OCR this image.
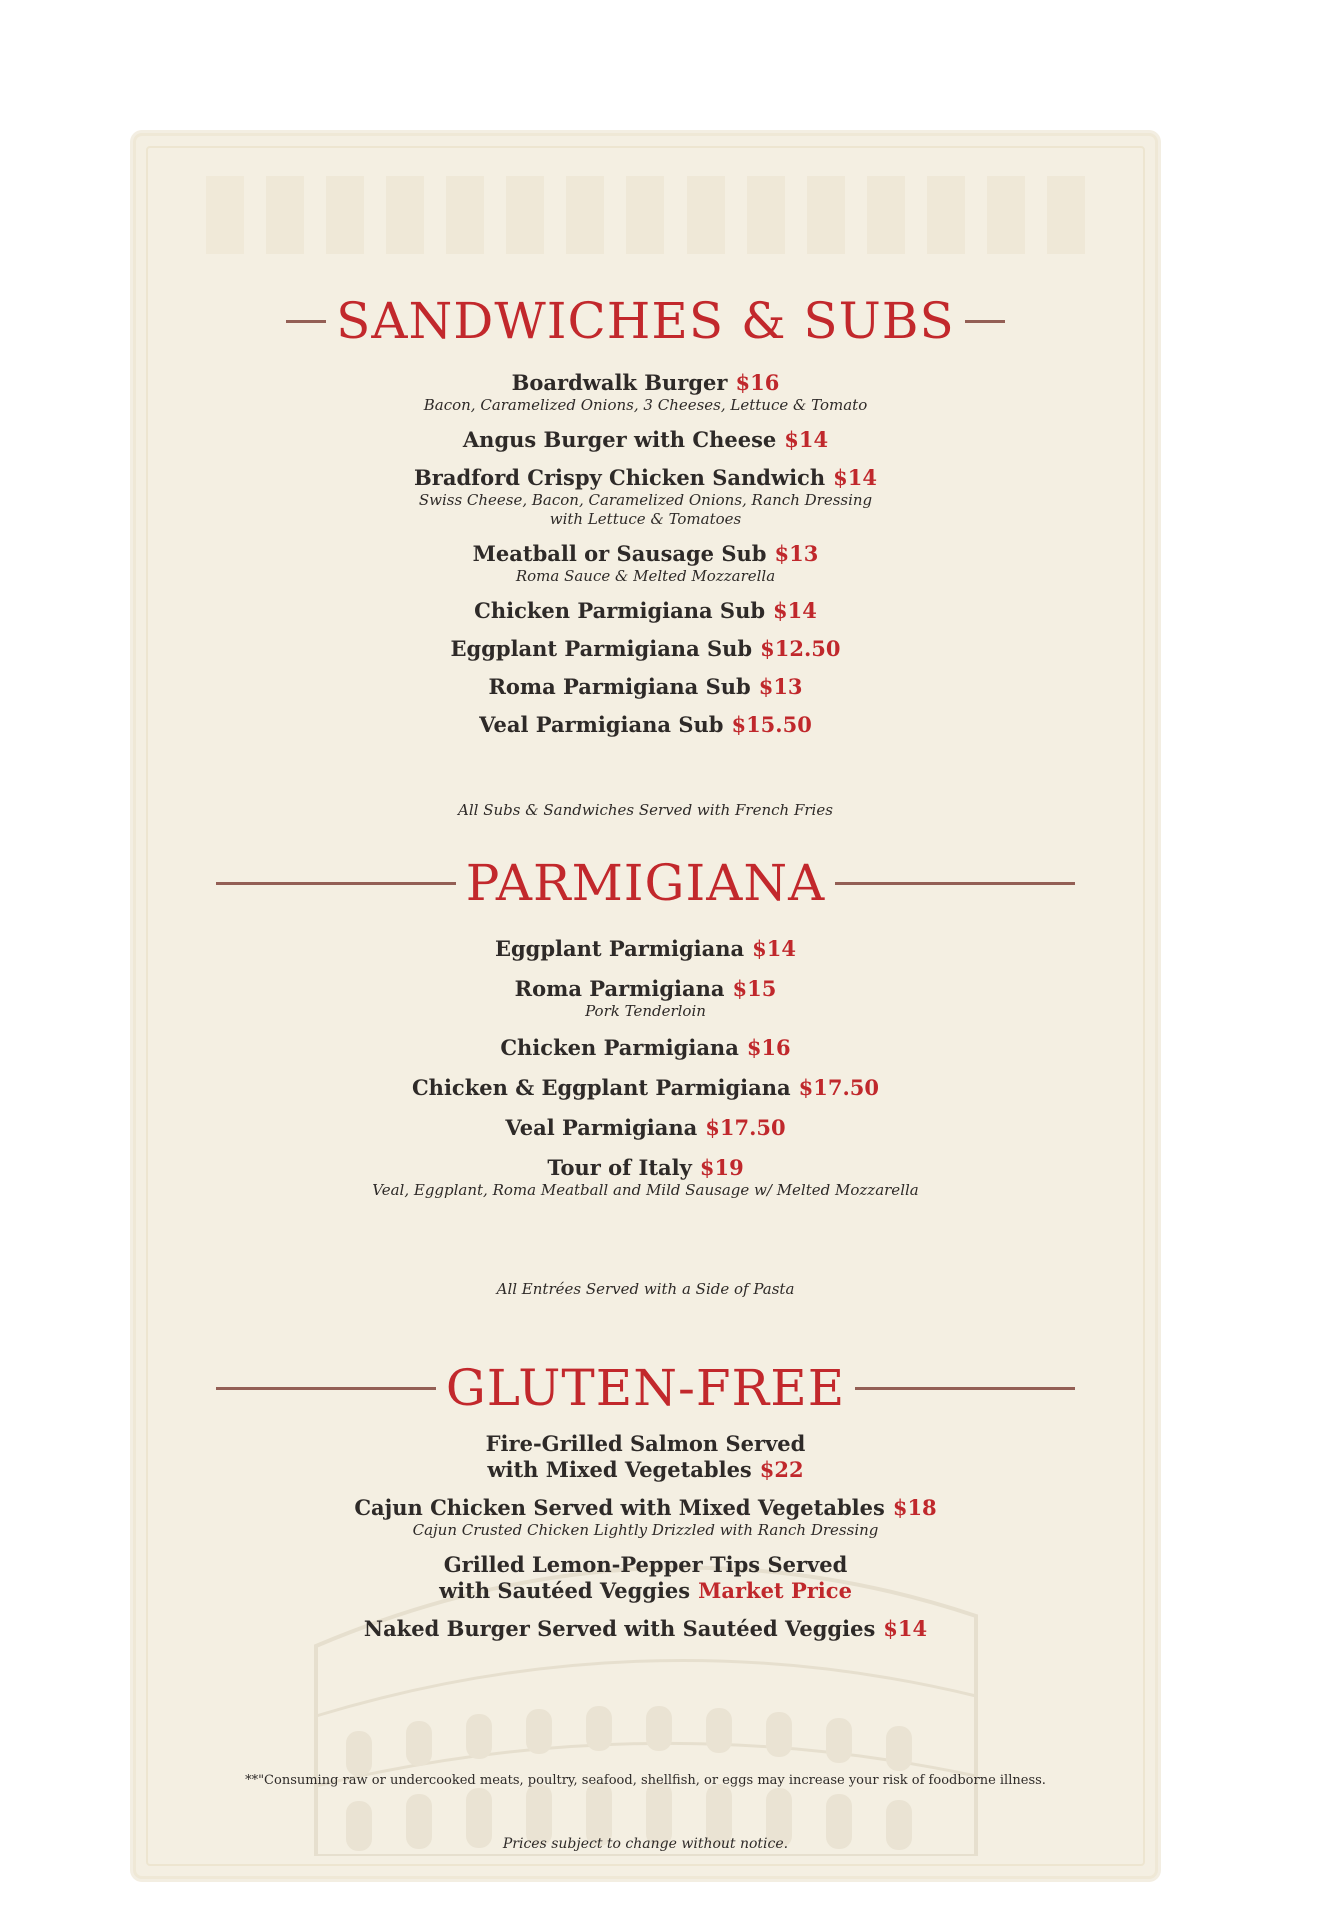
SANDWICHES & SUBS
Boardwalk Burger $16
Bacon, Caramelized Onions, 3 Cheeses, Lettuce & Tomato
Angus Burger with Cheese $14
Bradford Crispy Chicken Sandwich $14
Swiss Cheese, Bacon, Caramelized Onions, Ranch Dressing
with Lettuce & Tomatoes
Meatball or Sausage Sub $13
Roma Sauce & Melted Mozzarella
Chicken Parmigiana Sub $14
Eggplant Parmigiana Sub $12.50
Roma Parmigiana Sub $13
Veal Parmigiana Sub $15.50
All Subs & Sandwiches Served with French Fries
PARMIGIANA
Eggplant Parmigiana $14
Roma Parmigiana $15
Pork Tenderloin
Chicken Parmigiana $16
Chicken & Eggplant Parmigiana $17.50
Veal Parmigiana $17.50
Tour of Italy $19
Veal, Eggplant, Roma Meatball and Mild Sausage w/ Melted Mozzarella
All Entrées Served with a Side of Pasta
GLUTEN-FREE
Fire-Grilled Salmon Served
with Mixed Vegetables $22
Cajun Chicken Served with Mixed Vegetables $18
Cajun Crusted Chicken Lightly Drizzled with Ranch Dressing
Grilled Lemon-Pepper Tips Served
with Sautéed Veggies Market Price
Naked Burger Served with Sautéed Veggies $14
**"Consuming raw or undercooked meats, poultry, seafood, shellfish, or eggs may increase your risk of foodborne illness.
Prices subject to change without notice.
